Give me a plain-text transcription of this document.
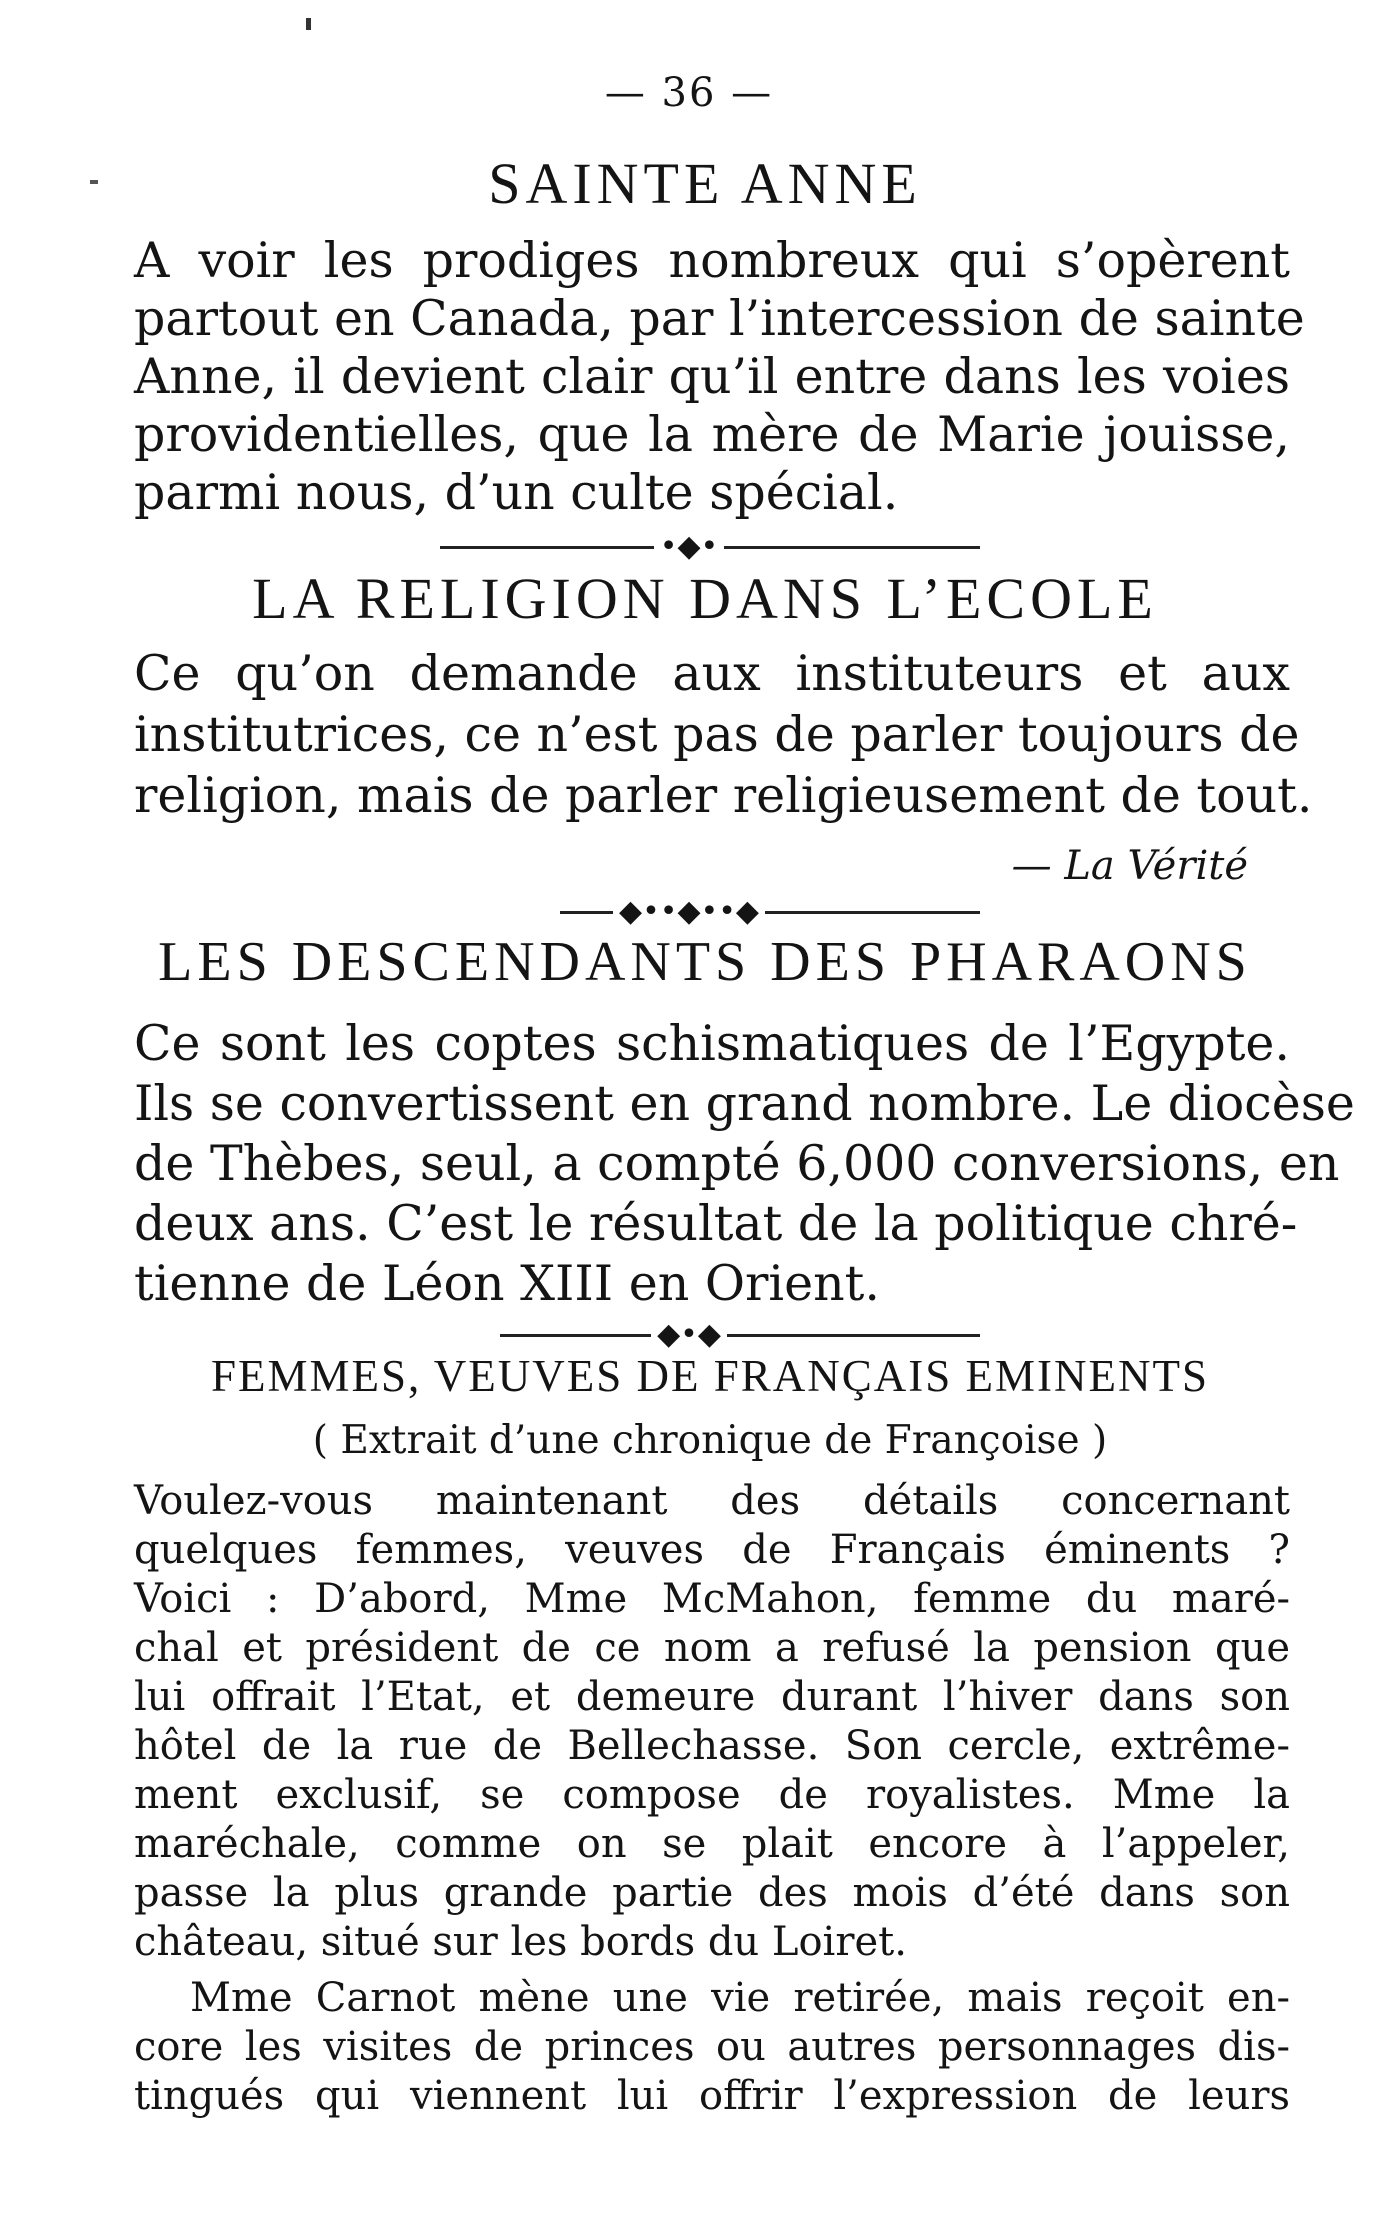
— 36 —
SAINTE ANNE
A voir les prodiges nombreux qui s’opèrent
partout en Canada, par l’intercession de sainte
Anne, il devient clair qu’il entre dans les voies
providentielles, que la mère de Marie jouisse,
parmi nous, d’un culte spécial.
•◆•
LA RELIGION DANS L’ECOLE
Ce qu’on demande aux instituteurs et aux
institutrices, ce n’est pas de parler toujours de
religion, mais de parler religieusement de tout.
— La Vérité
◆••◆••◆
LES DESCENDANTS DES PHARAONS
Ce sont les coptes schismatiques de l’Egypte.
Ils se convertissent en grand nombre. Le diocèse
de Thèbes, seul, a compté 6,000 conversions, en
deux ans. C’est le résultat de la politique chré-
tienne de Léon XIII en Orient.
◆•◆
FEMMES, VEUVES DE FRANÇAIS EMINENTS
( Extrait d’une chronique de Françoise )
Voulez-vous maintenant des détails concernant
quelques femmes, veuves de Français éminents ?
Voici : D’abord, Mme McMahon, femme du maré-
chal et président de ce nom a refusé la pension que
lui offrait l’Etat, et demeure durant l’hiver dans son
hôtel de la rue de Bellechasse. Son cercle, extrême-
ment exclusif, se compose de royalistes. Mme la
maréchale, comme on se plait encore à l’appeler,
passe la plus grande partie des mois d’été dans son
château, situé sur les bords du Loiret.
Mme Carnot mène une vie retirée, mais reçoit en-
core les visites de princes ou autres personnages dis-
tingués qui viennent lui offrir l’expression de leurs
